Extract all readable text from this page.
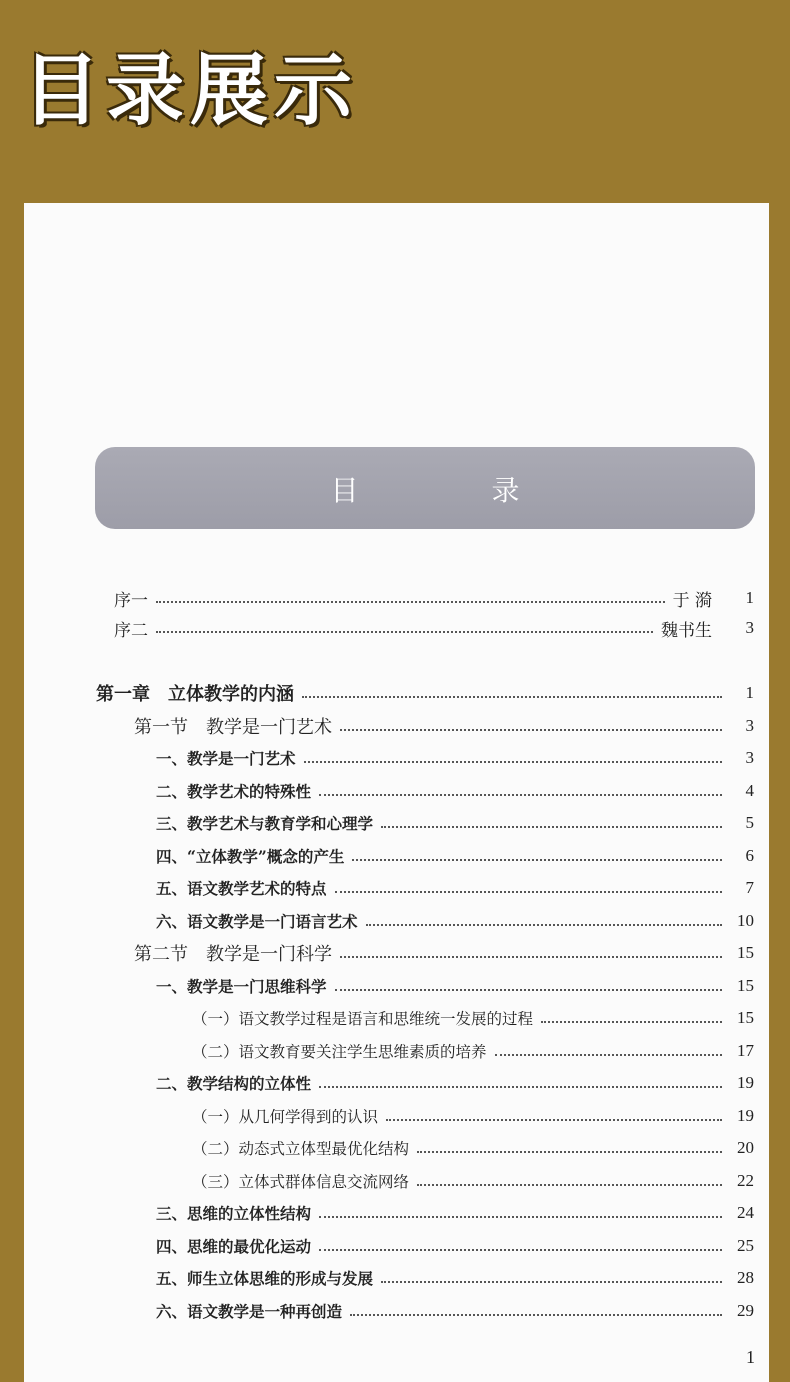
目录展示
目 录
序一	于 漪	1
序二	魏书生	3
第一章　立体教学的内涵	1
第一节　教学是一门艺术	3
一、教学是一门艺术	3
二、教学艺术的特殊性	4
三、教学艺术与教育学和心理学	5
四、“立体教学”概念的产生	6
五、语文教学艺术的特点	7
六、语文教学是一门语言艺术	10
第二节　教学是一门科学	15
一、教学是一门思维科学	15
（一）语文教学过程是语言和思维统一发展的过程	15
（二）语文教育要关注学生思维素质的培养	17
二、教学结构的立体性	19
（一）从几何学得到的认识	19
（二）动态式立体型最优化结构	20
（三）立体式群体信息交流网络	22
三、思维的立体性结构	24
四、思维的最优化运动	25
五、师生立体思维的形成与发展	28
六、语文教学是一种再创造	29
1
